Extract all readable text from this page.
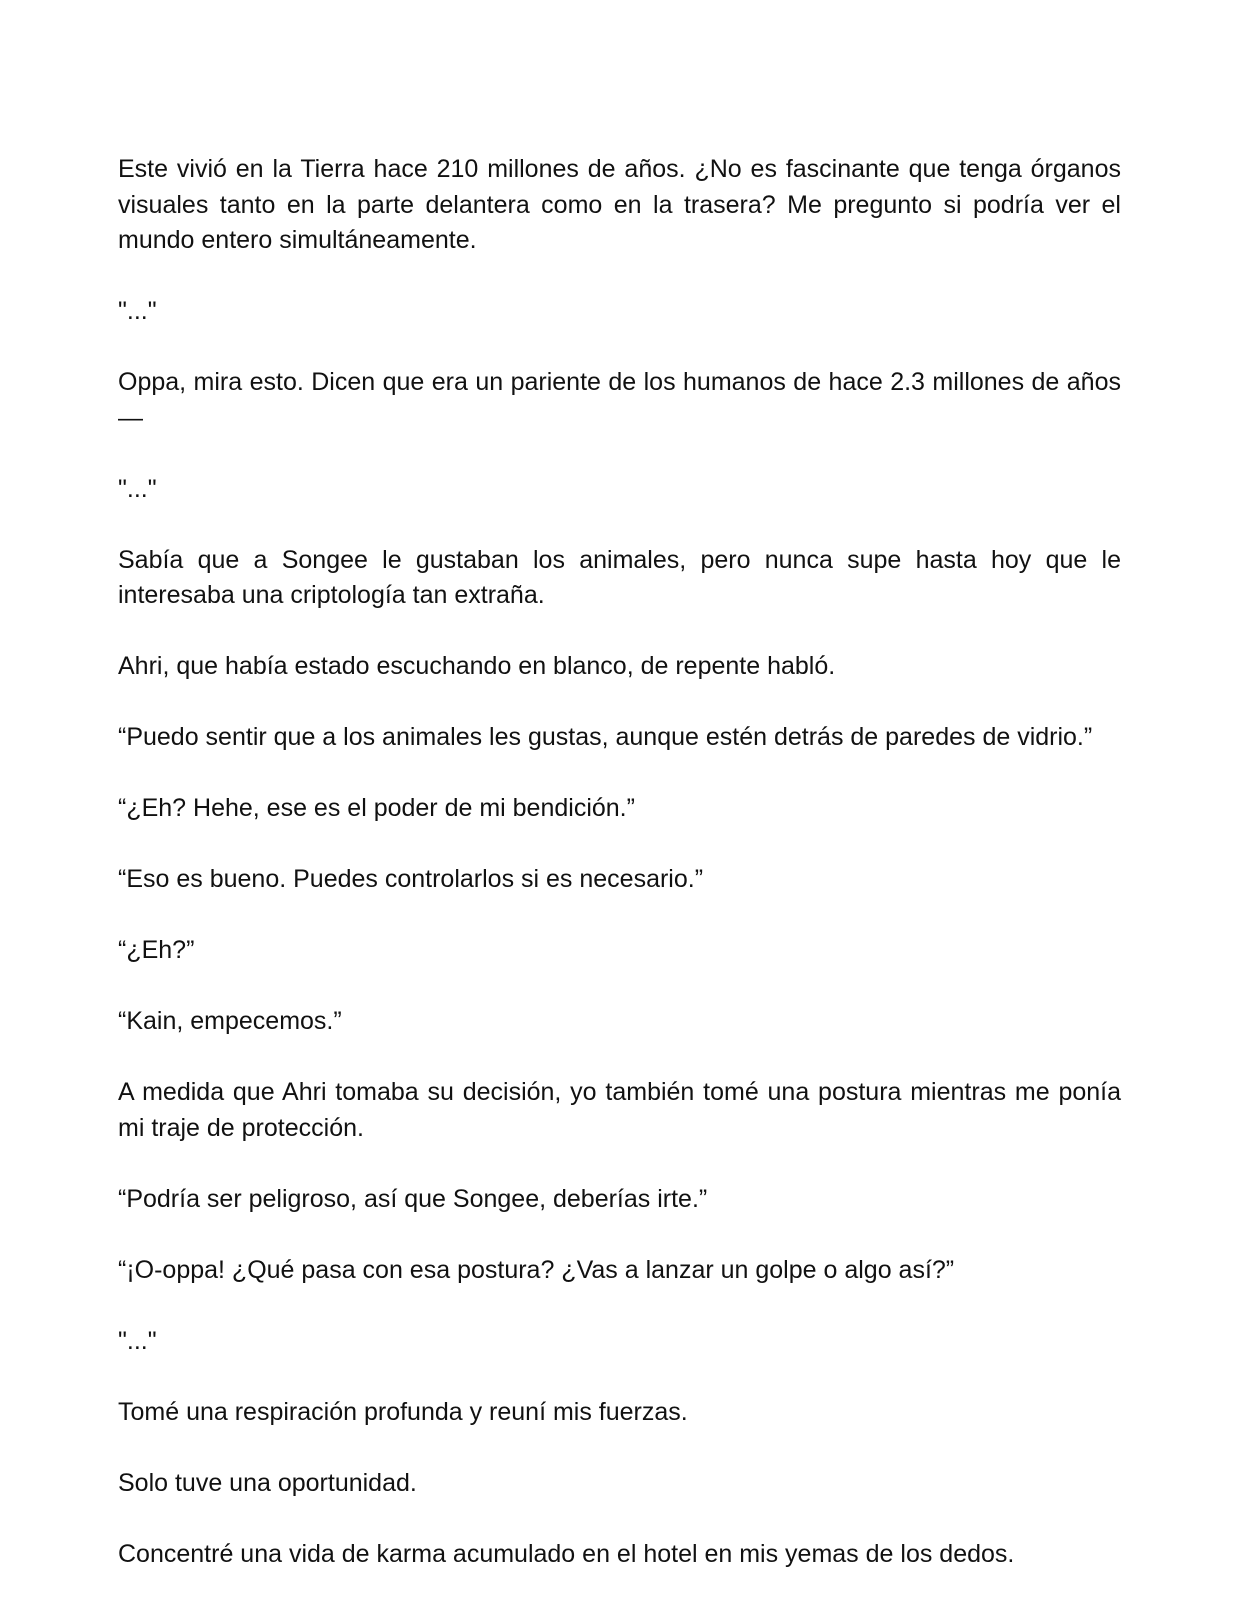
Este vivió en la Tierra hace 210 millones de años. ¿No es fascinante que tenga órganos visuales tanto en la parte delantera como en la trasera? Me pregunto si podría ver el mundo entero simultáneamente.

"..."

Oppa, mira esto. Dicen que era un pariente de los humanos de hace 2.3 millones de años—

"..."

Sabía que a Songee le gustaban los animales, pero nunca supe hasta hoy que le interesaba una criptología tan extraña.

Ahri, que había estado escuchando en blanco, de repente habló.

“Puedo sentir que a los animales les gustas, aunque estén detrás de paredes de vidrio.”

“¿Eh? Hehe, ese es el poder de mi bendición.”

“Eso es bueno. Puedes controlarlos si es necesario.”

“¿Eh?”

“Kain, empecemos.”

A medida que Ahri tomaba su decisión, yo también tomé una postura mientras me ponía mi traje de protección.

“Podría ser peligroso, así que Songee, deberías irte.”

“¡O-oppa! ¿Qué pasa con esa postura? ¿Vas a lanzar un golpe o algo así?”

"..."

Tomé una respiración profunda y reuní mis fuerzas.

Solo tuve una oportunidad.

Concentré una vida de karma acumulado en el hotel en mis yemas de los dedos.
